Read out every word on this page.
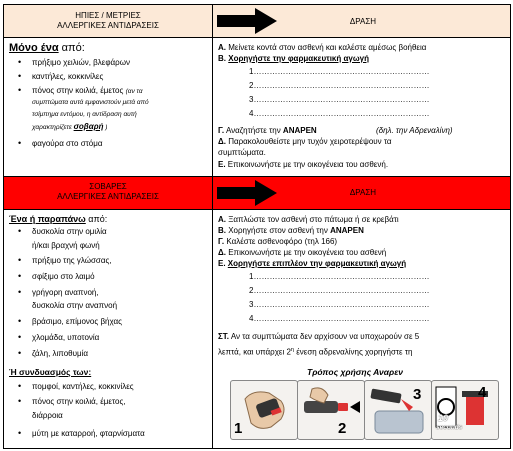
ΗΠΙΕΣ / ΜΕΤΡΙΕΣ
ΑΛΛΕΡΓΙΚΕΣ ΑΝΤΙΔΡΑΣΕΙΣ	ΔΡΑΣΗ
Μόνο ένα από:
• πρήξιμο χειλιών, βλεφάρων
• καντήλες, κοκκινίλες
• πόνος στην κοιλιά, έμετος (αν τα
συμπτώματα αυτά εμφανιστούν μετά από
τσίμπημα εντόμου, η αντίδραση αυτή
χαρακτηρίζετε σοβαρή )
• φαγούρα στο στόμα
Α. Μείνετε κοντά στον ασθενή και καλέστε αμέσως βοήθεια
Β. Χορηγήστε την φαρμακευτική αγωγή
1…………………………………………………………
2…………………………………………………………
3…………………………………………………………
4…………………………………………………………
Γ. Αναζητήστε την ΑΝΑΡΕΝ	(δηλ. την Αδρεναλίνη)
Δ. Παρακολουθείστε μην τυχόν χειροτερέψουν τα
συμπτώματα.
Ε. Επικοινωνήστε με την οικογένεια του ασθενή.
ΣΟΒΑΡΕΣ
ΑΛΛΕΡΓΙΚΕΣ ΑΝΤΙΔΡΑΣΕΙΣ	ΔΡΑΣΗ
Ένα ή παραπάνω από:
• δυσκολία στην ομιλία
ή/και βραχνή φωνή
• πρήξιμο της γλώσσας,
• σφίξιμο στο λαιμό
• γρήγορη αναπνοή,
δυσκολία στην αναπνοή
• βράσιμο, επίμονος βήχας
• χλομάδα, υποτονία
• ζάλη, λιποθυμία
Ή συνδυασμός των:
• πομφοί, καντήλες, κοκκινίλες
• πόνος στην κοιλιά, έμετος,
διάρροια
• μύτη με καταρροή, φταρνίσματα
Α. Ξαπλώστε τον ασθενή στο πάτωμα ή σε κρεβάτι
Β. Χορηγήστε στον ασθενή την ΑΝΑΡΕΝ
Γ. Καλέστε ασθενοφόρο (τηλ 166)
Δ. Επικοινωνήστε με την οικογένεια του ασθενή
Ε. Χορηγήστε επιπλέον την φαρμακευτική αγωγή
1…………………………………………………………
2…………………………………………………………
3…………………………………………………………
4…………………………………………………………
ΣΤ. Αν τα συμπτώματα δεν αρχίσουν να υποχωρούν σε 5
λεπτά, και υπάρχει $2^\eta$ ένεση αδρεναλίνης χορηγήστε τη
Τρόπος χρήσης Αναρεν
1	2
3
10
seconds
4
